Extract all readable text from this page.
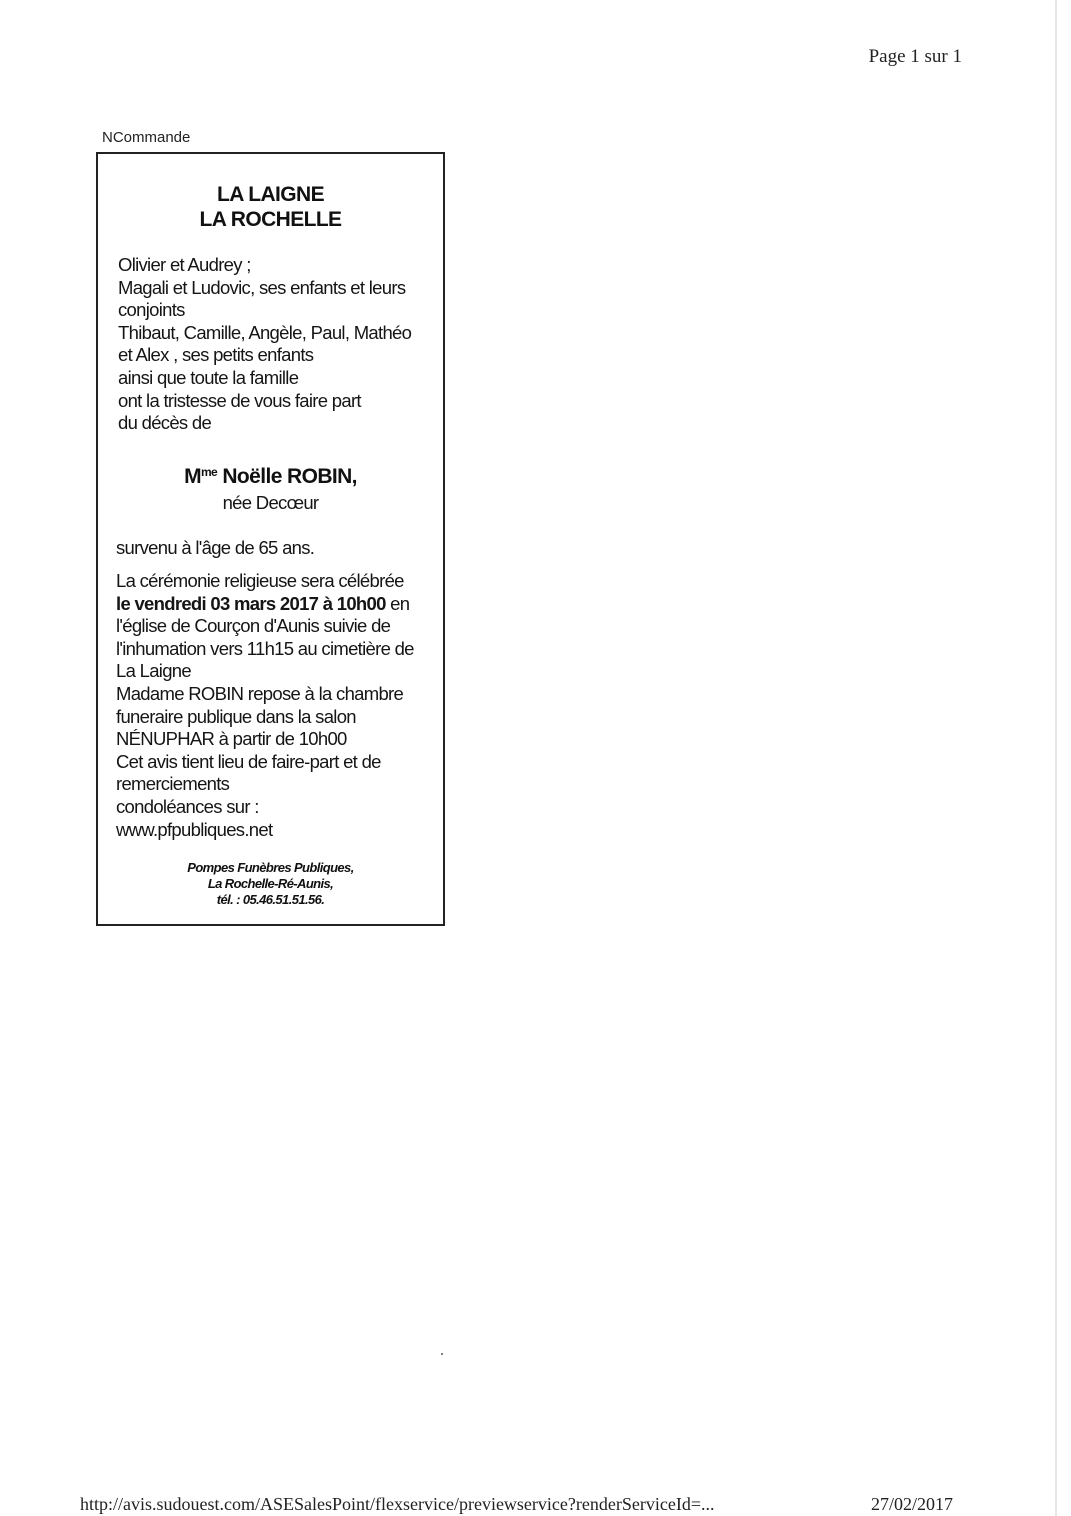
Page 1 sur 1
NCommande
LA LAIGNE
LA ROCHELLE
Olivier et Audrey ;
Magali et Ludovic, ses enfants et leurs
conjoints
Thibaut, Camille, Angèle, Paul, Mathéo
et Alex , ses petits enfants
ainsi que toute la famille
ont la tristesse de vous faire part
du décès de
$M^{me}$ Noëlle ROBIN,
née Decœur
survenu à l'âge de 65 ans.
La cérémonie religieuse sera célébrée
le vendredi 03 mars 2017 à 10h00 en
l'église de Courçon d'Aunis suivie de
l'inhumation vers 11h15 au cimetière de
La Laigne
Madame ROBIN repose à la chambre
funeraire publique dans la salon
NÉNUPHAR à partir de 10h00
Cet avis tient lieu de faire-part et de
remerciements
condoléances sur :
www.pfpubliques.net
Pompes Funèbres Publiques,
La Rochelle-Ré-Aunis,
tél. : 05.46.51.51.56.
http://avis.sudouest.com/ASESalesPoint/flexservice/previewservice?renderServiceId=...	27/02/2017
